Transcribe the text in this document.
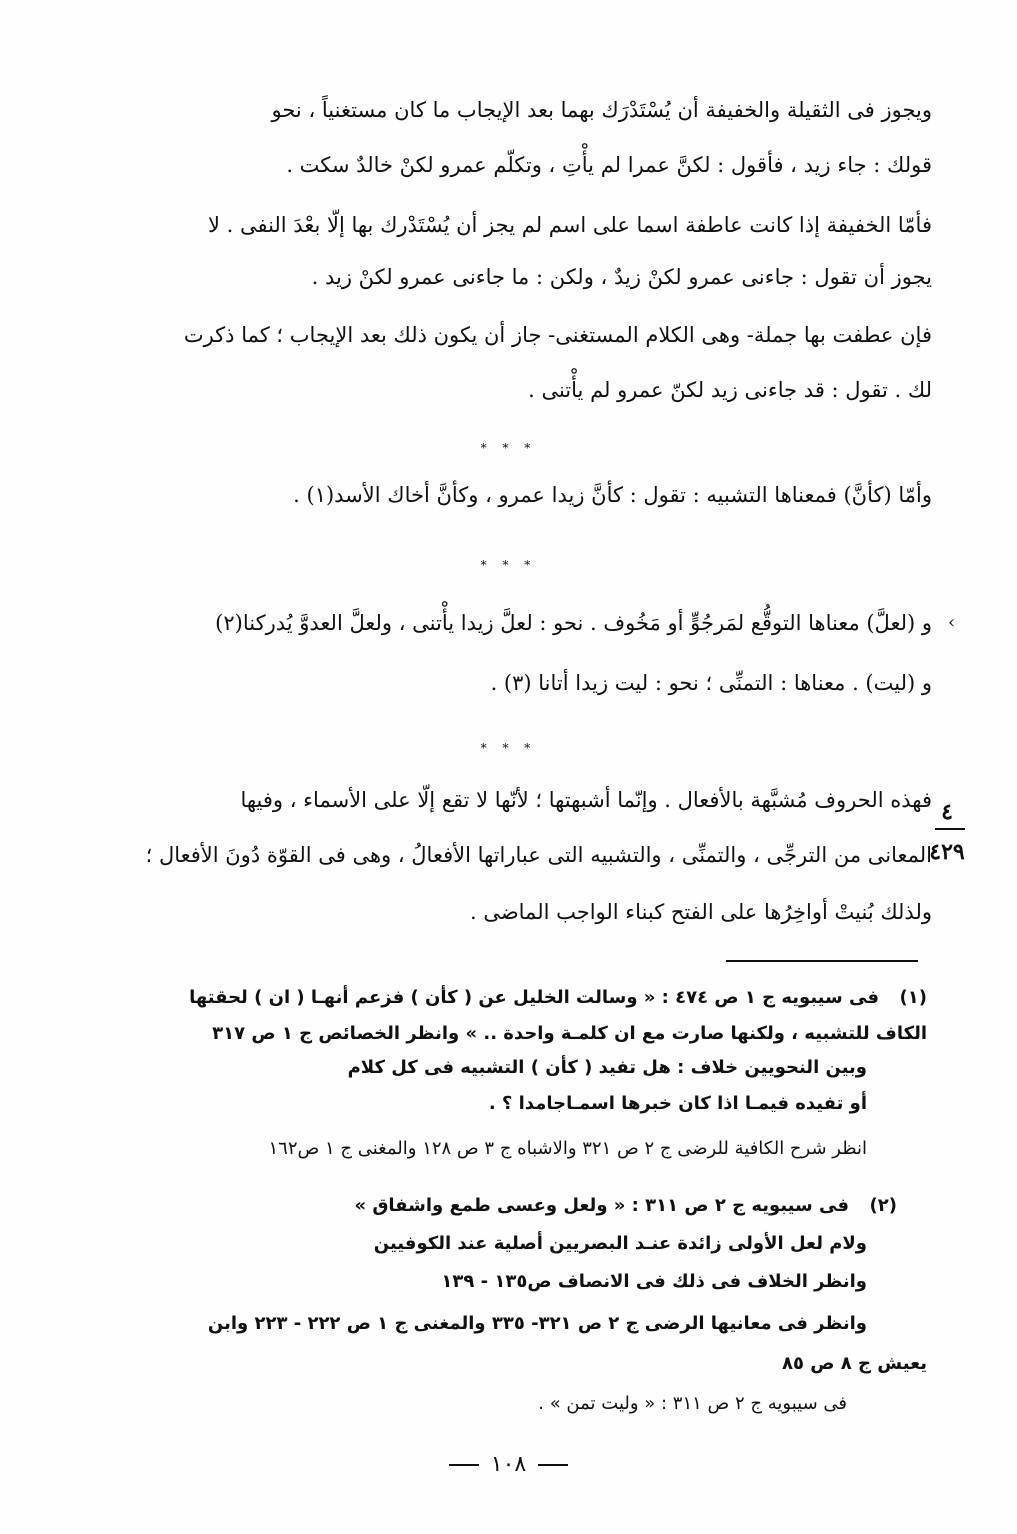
ويجوز فى الثقيلة والخفيفة أن يُسْتَدْرَك بهما بعد الإيجاب ما كان مستغنياً ، نحو
قولك : جاء زيد ، فأقول : لكنَّ عمرا لم يأْتِ ، وتكلّم عمرو لكنْ خالدٌ سكت .
فأمّا الخفيفة إذا كانت عاطفة اسما على اسم لم يجز أن يُسْتَدْرك بها إلّا بعْدَ النفى . لا
يجوز أن تقول : جاءنى عمرو لكنْ زيدٌ ، ولكن : ما جاءنى عمرو لكنْ زيد .
فإن عطفت بها جملة- وهى الكلام المستغنى- جاز أن يكون ذلك بعد الإيجاب ؛ كما ذكرت
لك . تقول : قد جاءنى زيد لكنّ عمرو لم يأْتنى .
* * *
وأمّا (كأنَّ) فمعناها التشبيه : تقول : كأنَّ زيدا عمرو ، وكأنَّ أخاك الأسد(١) .
* * *
و (لعلَّ) معناها التوقُّع لمَرجُوٍّ أو مَخُوف . نحو : لعلَّ زيدا يأْتنى ، ولعلَّ العدوَّ يُدركنا(٢)
و (ليت) . معناها : التمنِّى ؛ نحو : ليت زيدا أتانا (٣) .
* * *
فهذه الحروف مُشبَّهة بالأفعال . وإنّما أشبهتها ؛ لأنّها لا تقع إلّا على الأسماء ، وفيها
المعانى من الترجِّى ، والتمنِّى ، والتشبيه التى عباراتها الأفعالُ ، وهى فى القوّة دُونَ الأفعال ؛
ولذلك بُنيتْ أواخِرُها على الفتح كبناء الواجب الماضى .
٤
٤٢٩
‹
(١)فى سيبويه ج ١ ص ٤٧٤ : « وسالت الخليل عن ( كأن ) فزعم أنهـا ( ان ) لحقتها
الكاف للتشبيه ، ولكنها صارت مع ان كلمـة واحدة .. » وانظر الخصائص ج ١ ص ٣١٧
وبين النحويين خلاف : هل تفيد ( كأن ) التشبيه فى كل كلام
أو تفيده فيمـا اذا كان خبرها اسمـاجامدا ؟ .
انظر شرح الكافية للرضى ج ٢ ص ٣٢١ والاشباه ج ٣ ص ١٢٨ والمغنى ج ١ ص١٦٢
(٢)فى سيبويه ج ٢ ص ٣١١ : « ولعل وعسى طمع واشفاق »
ولام لعل الأولى زائدة عنـد البصريين أصلية عند الكوفيين
وانظر الخلاف فى ذلك فى الانصاف ص١٣٥ - ١٣٩
وانظر فى معانيها الرضى ج ٢ ص ٣٢١- ٣٣٥ والمغنى ج ١ ص ٢٢٢ - ٢٢٣ وابن
يعيش ج ٨ ص ٨٥
فى سيبويه ج ٢ ص ٣١١ : « وليت تمن » .
١٠٨
